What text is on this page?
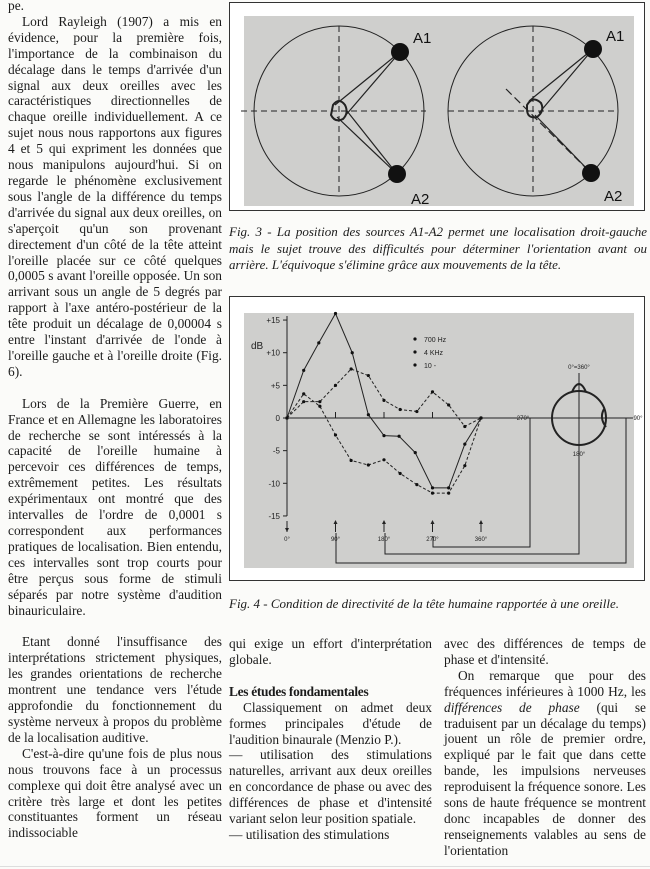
pe.

Lord Rayleigh (1907) a mis en évidence, pour la première fois, l'importance de la combinaison du décalage dans le temps d'arrivée d'un signal aux deux oreilles avec les caractéristiques directionnelles de chaque oreille individuellement. A ce sujet nous nous rapportons aux figures 4 et 5 qui expriment les données que nous manipulons aujourd'hui. Si on regarde le phénomène exclusivement sous l'angle de la différence du temps d'arrivée du signal aux deux oreilles, on s'aperçoit qu'un son provenant directement d'un côté de la tête atteint l'oreille placée sur ce côté quelques 0,0005 s avant l'oreille opposée. Un son arrivant sous un angle de 5 degrés par rapport à l'axe antéro-postérieur de la tête produit un décalage de 0,00004 s entre l'instant d'arrivée de l'onde à l'oreille gauche et à l'oreille droite (Fig. 6).

Lors de la Première Guerre, en France et en Allemagne les laboratoires de recherche se sont intéressés à la capacité de l'oreille humaine à percevoir ces différences de temps, extrêmement petites. Les résultats expérimentaux ont montré que des intervalles de l'ordre de 0,0001 s correspondent aux performances pratiques de localisation. Bien entendu, ces intervalles sont trop courts pour être perçus sous forme de stimuli séparés par notre système d'audition binauriculaire.

Etant donné l'insuffisance des interprétations strictement physiques, les grandes orientations de recherche montrent une tendance vers l'étude approfondie du fonctionnement du système nerveux à propos du problème de la localisation auditive.

C'est-à-dire qu'une fois de plus nous nous trouvons face à un processus complexe qui doit être analysé avec un critère très large et dont les petites constituantes forment un réseau indissociable

A1
A2
A1
A2
Fig. 3 - La position des sources A1-A2 permet une localisation droit-gauche mais le sujet trouve des difficultés pour déterminer l'orientation avant ou arrière. L'équivoque s'élimine grâce aux mouvements de la tête.
+15
+10
+5
0
-5
-10
-15
0°	90°	180°	270°	360°
dB
700 Hz
4 KHz
10 -	0°=360°
270°	90°
180°
Fig. 4 - Condition de directivité de la tête humaine rapportée à une oreille.

qui exige un effort d'interprétation globale.

Les études fondamentales

Classiquement on admet deux formes principales d'étude de l'audition binaurale (Menzio P.).

— utilisation des stimulations naturelles, arrivant aux deux oreilles en concordance de phase ou avec des différences de phase et d'intensité variant selon leur position spatiale.

— utilisation des stimulations

avec des différences de temps de phase et d'intensité.

On remarque que pour des fréquences inférieures à 1000 Hz, les différences de phase (qui se traduisent par un décalage du temps) jouent un rôle de premier ordre, expliqué par le fait que dans cette bande, les impulsions nerveuses reproduisent la fréquence sonore. Les sons de haute fréquence se montrent donc incapables de donner des renseignements valables au sens de l'orientation
